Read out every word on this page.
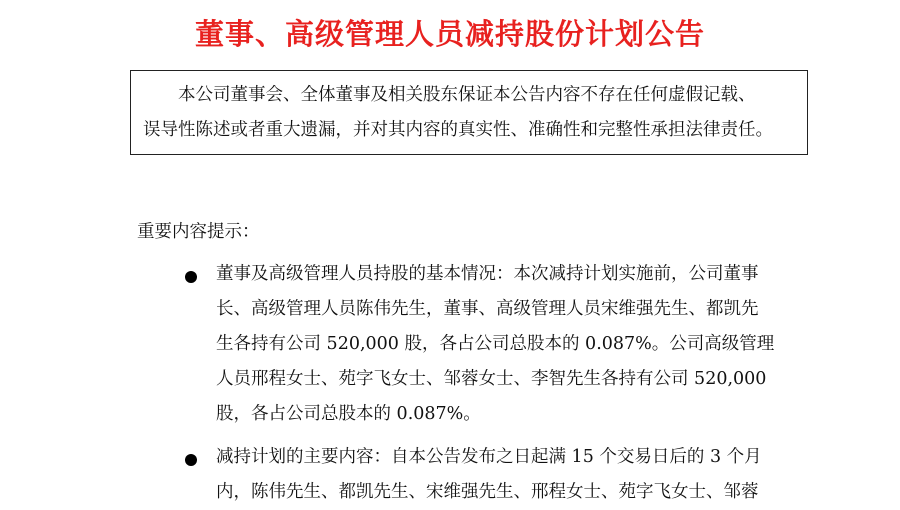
董事、高级管理人员减持股份计划公告

本公司董事会、全体董事及相关股东保证本公告内容不存在任何虚假记载、

误导性陈述或者重大遗漏，并对其内容的真实性、准确性和完整性承担法律责任。

重要内容提示：
董事及高级管理人员持股的基本情况：本次减持计划实施前，公司董事
长、高级管理人员陈伟先生，董事、高级管理人员宋维强先生、都凯先
生各持有公司 520,000 股，各占公司总股本的 0.087%。公司高级管理
人员邢程女士、苑字飞女士、邹蓉女士、李智先生各持有公司 520,000
股，各占公司总股本的 0.087%。
减持计划的主要内容：自本公告发布之日起满 15 个交易日后的 3 个月
内，陈伟先生、都凯先生、宋维强先生、邢程女士、苑字飞女士、邹蓉
